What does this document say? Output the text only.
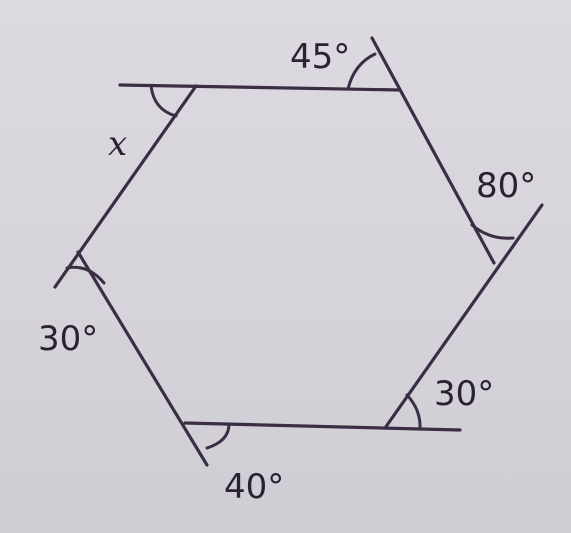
45°
80°
30°
40°
30°
x
